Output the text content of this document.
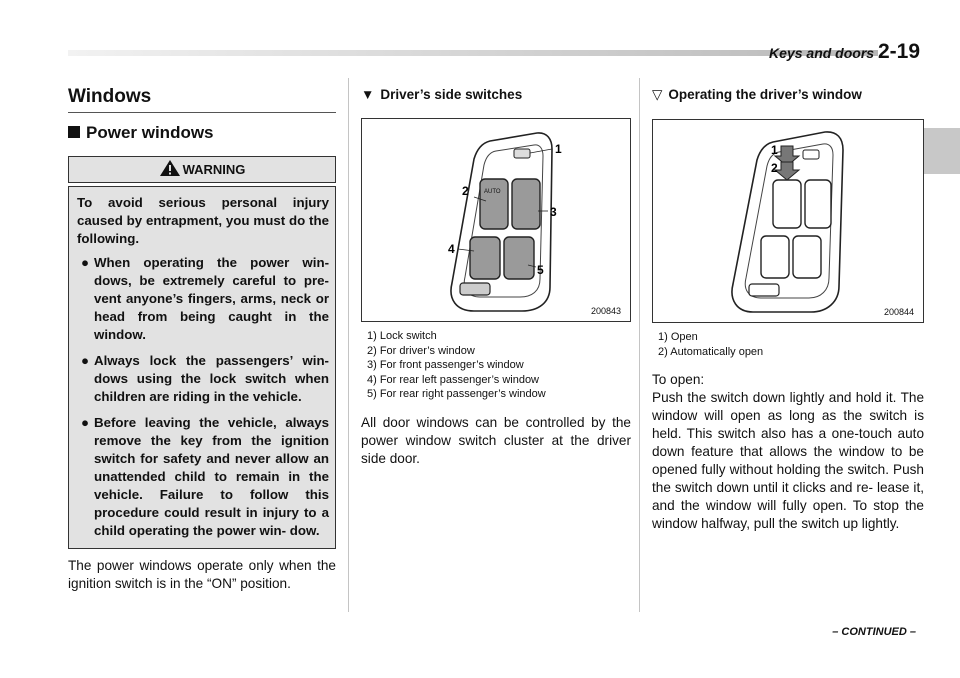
Keys and doors 2-19
Windows
Power windows
WARNING

To avoid serious personal injury caused by entrapment, you must do the following.

● When operating the power win- dows, be extremely careful to pre- vent anyone’s fingers, arms, neck or head from being caught in the window.
● Always lock the passengers’ win- dows using the lock switch when children are riding in the vehicle.
● Before leaving the vehicle, always remove the key from the ignition switch for safety and never allow an unattended child to remain in the vehicle. Failure to follow this procedure could result in injury to a child operating the power win- dow.

The power windows operate only when the ignition switch is in the “ON” position.

▼ Driver’s side switches
AUTO
1
2
3
4
5
200843
1) Lock switch
2) For driver’s window
3) For front passenger’s window
4) For rear left passenger’s window
5) For rear right passenger’s window

All door windows can be controlled by the power window switch cluster at the driver side door.

▽ Operating the driver’s window
1
2
200844
1) Open
2) Automatically open

To open:

Push the switch down lightly and hold it. The window will open as long as the switch is held. This switch also has a one-touch auto down feature that allows the window to be opened fully without holding the switch. Push the switch down until it clicks and re- lease it, and the window will fully open. To stop the window halfway, pull the switch up lightly.

– CONTINUED –
